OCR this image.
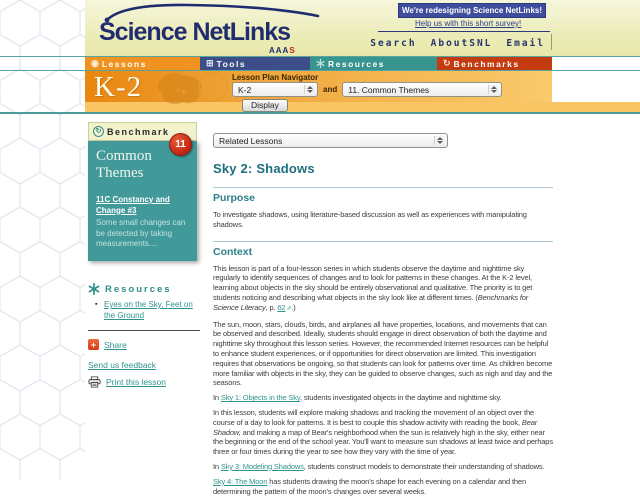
Science NetLinks
AAAS
We're redesigning Science NetLinks!
Help us with this short survey!
Search AboutSNL Email
◉ Lessons	⊞ Tools	Resources	↻ Benchmarks
K-2	Lesson Plan Navigator
K-2	and 11. Common Themes
Display
↻ Benchmark
11
Common Themes
11C Constancy and Change #3
Some small changes can be detected by taking measurements....
Resources
▪ Eyes on the Sky, Feet on the Ground
+ Share
Send us feedback
Print this lesson
Related Lessons
Sky 2: Shadows
Purpose

To investigate shadows, using literature-based discussion as well as experiences with manipulating shadows.

Context

This lesson is part of a four-lesson series in which students observe the daytime and nighttime sky regularly to identify sequences of changes and to look for patterns in these changes. At the K-2 level, learning about objects in the sky should be entirely observational and qualitative. The priority is to get students noticing and describing what objects in the sky look like at different times. (Benchmarks for Science Literacy, p. 62⇗.)

The sun, moon, stars, clouds, birds, and airplanes all have properties, locations, and movements that can be observed and described. Ideally, students should engage in direct observation of both the daytime and nighttime sky throughout this lesson series. However, the recommended Internet resources can be helpful to enhance student experiences, or if opportunities for direct observation are limited. This investigation requires that observations be ongoing, so that students can look for patterns over time. As children become more familiar with objects in the sky, they can be guided to observe changes, such as nigh and day and the seasons.

In Sky 1: Objects in the Sky, students investigated objects in the daytime and nighttime sky.

In this lesson, students will explore making shadows and tracking the movement of an object over the course of a day to look for patterns. It is best to couple this shadow activity with reading the book, Bear Shadow, and making a map of Bear's neighborhood when the sun is relatively high in the sky, either near the beginning or the end of the school year. You'll want to measure sun shadows at least twice and perhaps three or four times during the year to see how they vary with the time of year.

In Sky 3: Modeling Shadows, students construct models to demonstrate their understanding of shadows.

Sky 4: The Moon has students drawing the moon's shape for each evening on a calendar and then determining the pattern of the moon's changes over several weeks.
